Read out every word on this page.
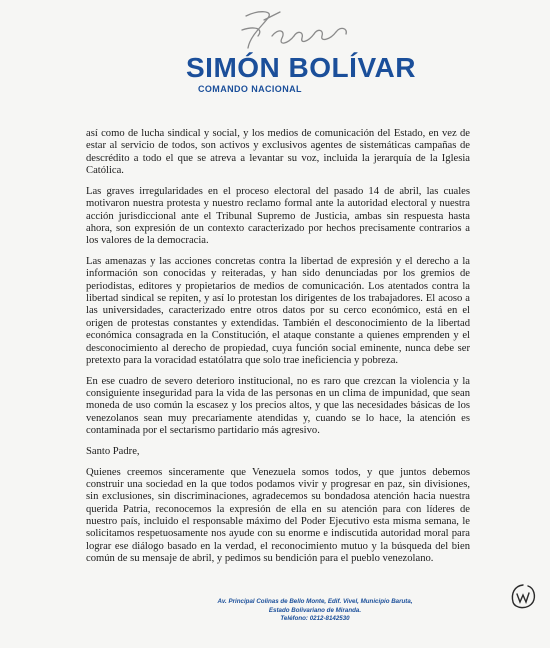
SIMÓN BOLÍVAR
COMANDO NACIONAL

así como de lucha sindical y social, y los medios de comunicación del Estado, en vez de estar al servicio de todos, son activos y exclusivos agentes de sistemáticas campañas de descrédito a todo el que se atreva a levantar su voz, incluida la jerarquía de la Iglesia Católica.

Las graves irregularidades en el proceso electoral del pasado 14 de abril, las cuales motivaron nuestra protesta y nuestro reclamo formal ante la autoridad electoral y nuestra acción jurisdiccional ante el Tribunal Supremo de Justicia, ambas sin respuesta hasta ahora, son expresión de un contexto caracterizado por hechos precisamente contrarios a los valores de la democracia.

Las amenazas y las acciones concretas contra la libertad de expresión y el derecho a la información son conocidas y reiteradas, y han sido denunciadas por los gremios de periodistas, editores y propietarios de medios de comunicación. Los atentados contra la libertad sindical se repiten, y así lo protestan los dirigentes de los trabajadores. El acoso a las universidades, caracterizado entre otros datos por su cerco económico, está en el origen de protestas constantes y extendidas. También el desconocimiento de la libertad económica consagrada en la Constitución, el ataque constante a quienes emprenden y el desconocimiento al derecho de propiedad, cuya función social eminente, nunca debe ser pretexto para la voracidad estatólatra que solo trae ineficiencia y pobreza.

En ese cuadro de severo deterioro institucional, no es raro que crezcan la violencia y la consiguiente inseguridad para la vida de las personas en un clima de impunidad, que sean moneda de uso común la escasez y los precios altos, y que las necesidades básicas de los venezolanos sean muy precariamente atendidas y, cuando se lo hace, la atención es contaminada por el sectarismo partidario más agresivo.

Santo Padre,

Quienes creemos sinceramente que Venezuela somos todos, y que juntos debemos construir una sociedad en la que todos podamos vivir y progresar en paz, sin divisiones, sin exclusiones, sin discriminaciones, agradecemos su bondadosa atención hacia nuestra querida Patria, reconocemos la expresión de ella en su atención para con líderes de nuestro país, incluido el responsable máximo del Poder Ejecutivo esta misma semana, le solicitamos respetuosamente nos ayude con su enorme e indiscutida autoridad moral para lograr ese diálogo basado en la verdad, el reconocimiento mutuo y la búsqueda del bien común de su mensaje de abril, y pedimos su bendición para el pueblo venezolano.

Av. Principal Colinas de Bello Monte, Edif. Vivel, Municipio Baruta,
Estado Bolivariano de Miranda.
Teléfono: 0212-8142530
